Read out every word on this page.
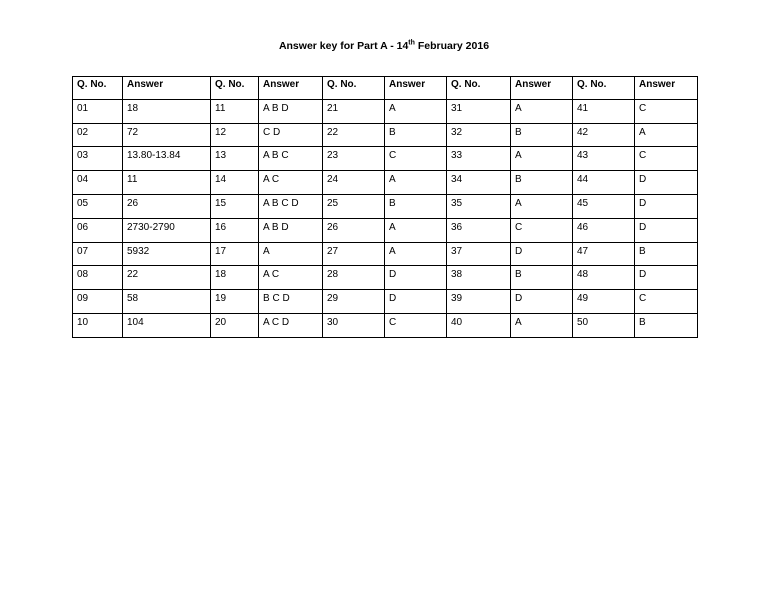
Answer key for Part A - 14th February 2016
Q. No.	Answer	Q. No.	Answer	Q. No.	Answer	Q. No.	Answer	Q. No.	Answer
01	18	11	A B D	21	A	31	A	41	C
02	72	12	C D	22	B	32	B	42	A
03	13.80-13.84	13	A B C	23	C	33	A	43	C
04	11	14	A C	24	A	34	B	44	D
05	26	15	A B C D	25	B	35	A	45	D
06	2730-2790	16	A B D	26	A	36	C	46	D
07	5932	17	A	27	A	37	D	47	B
08	22	18	A C	28	D	38	B	48	D
09	58	19	B C D	29	D	39	D	49	C
10	104	20	A C D	30	C	40	A	50	B
